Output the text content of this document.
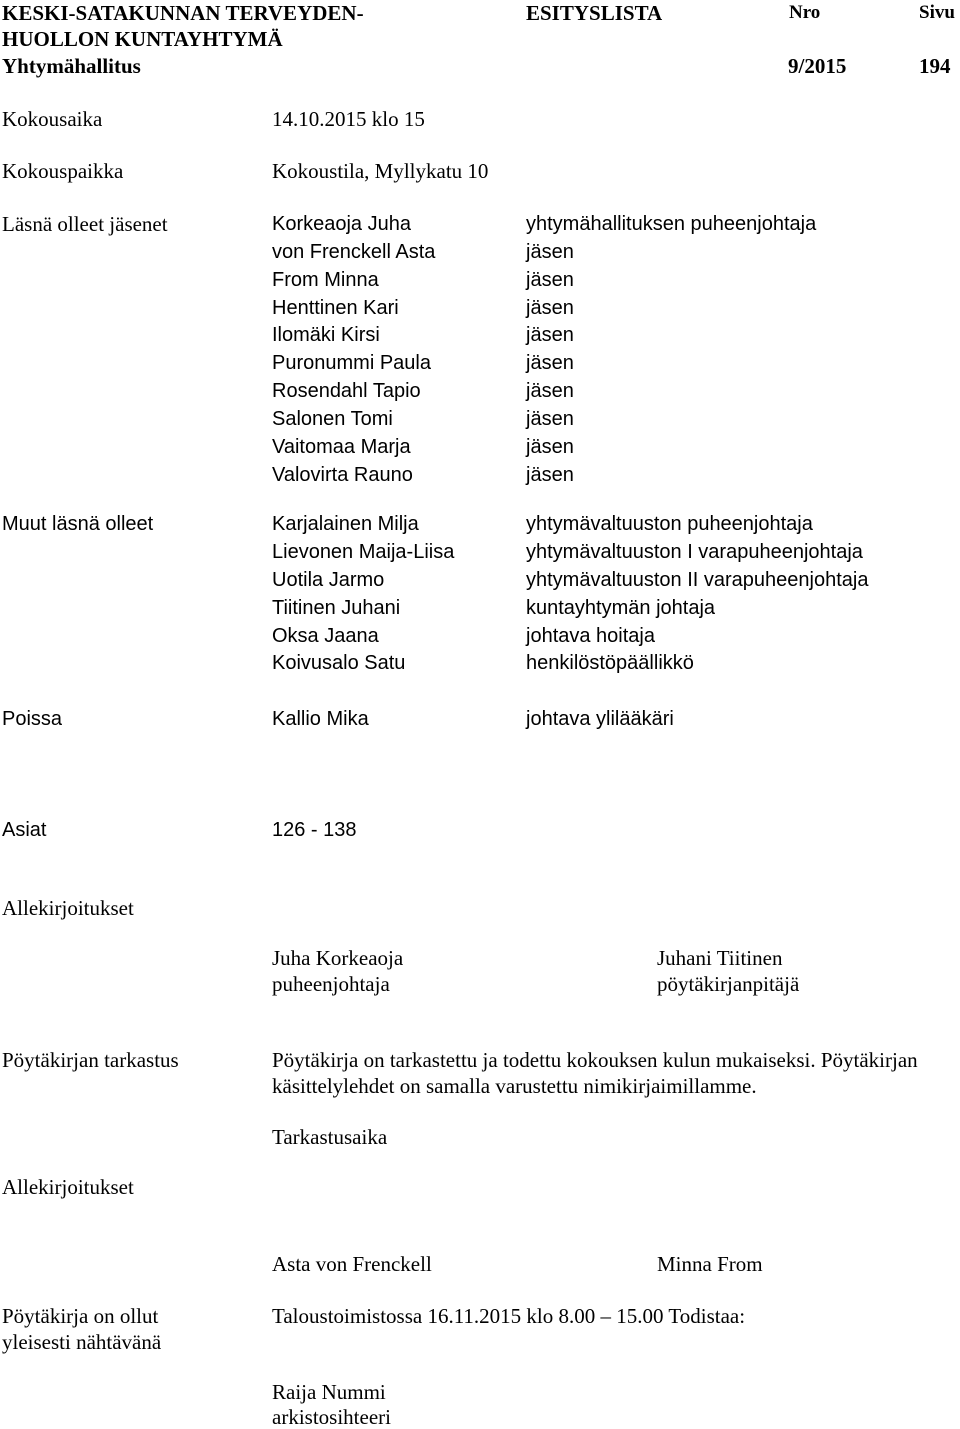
KESKI-SATAKUNNAN TERVEYDEN-
HUOLLON KUNTAYHTYMÄ
Yhtymähallitus
ESITYSLISTA	Nro
9/2015
Sivu
194
Kokousaika	14.10.2015 klo 15
Kokouspaikka	Kokoustila, Myllykatu 10
Läsnä olleet jäsenet	Korkeaoja Juha	yhtymähallituksen puheenjohtaja
von Frenckell Asta	jäsen
From Minna	jäsen
Henttinen Kari	jäsen
Ilomäki Kirsi	jäsen
Puronummi Paula	jäsen
Rosendahl Tapio	jäsen
Salonen Tomi	jäsen
Vaitomaa Marja	jäsen
Valovirta Rauno	jäsen
Muut läsnä olleet	Karjalainen Milja	yhtymävaltuuston puheenjohtaja
Lievonen Maija-Liisa	yhtymävaltuuston I varapuheenjohtaja
Uotila Jarmo	yhtymävaltuuston II varapuheenjohtaja
Tiitinen Juhani	kuntayhtymän johtaja
Oksa Jaana	johtava hoitaja
Koivusalo Satu	henkilöstöpäällikkö
Poissa	Kallio Mika	johtava ylilääkäri
Asiat	126 - 138
Allekirjoitukset
Juha Korkeaoja
puheenjohtaja
Juhani Tiitinen
pöytäkirjanpitäjä
Pöytäkirjan tarkastus	Pöytäkirja on tarkastettu ja todettu kokouksen kulun mukaiseksi. Pöytäkirjan
käsittelylehdet on samalla varustettu nimikirjaimillamme.
Tarkastusaika
Allekirjoitukset
Asta von Frenckell	Minna From
Pöytäkirja on ollut
yleisesti nähtävänä
Taloustoimistossa 16.11.2015 klo 8.00 – 15.00 Todistaa:
Raija Nummi
arkistosihteeri
